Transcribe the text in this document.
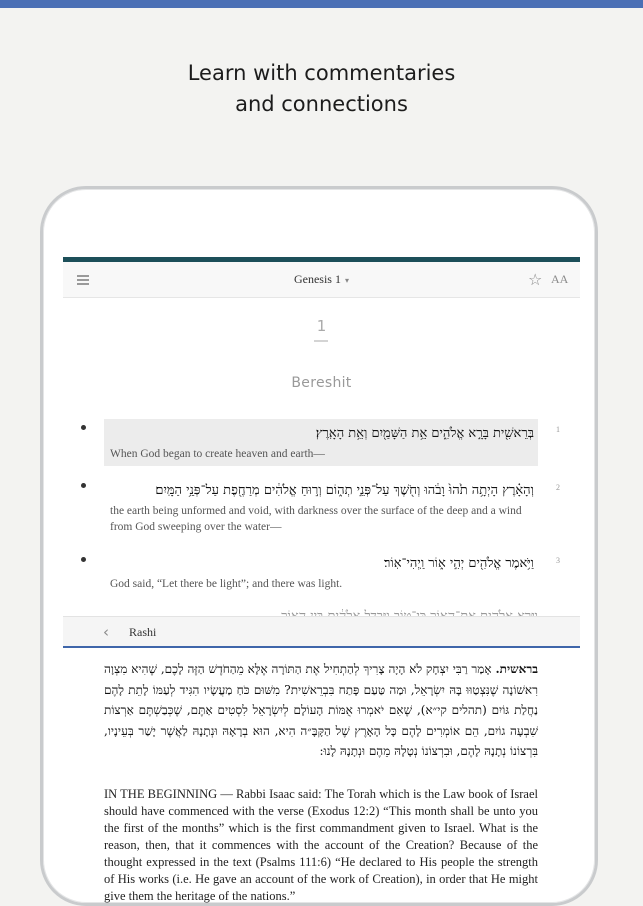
Learn with commentaries
and connections
Genesis 1 ▾	☆ AA
1
Bereshit
בְּרֵאשִׁ֖ית בָּרָ֣א אֱלֹהִ֑ים אֵ֥ת הַשָּׁמַ֖יִם וְאֵ֥ת הָאָֽרֶץ׃
When God began to create heaven and earth—
1
וְהָאָ֗רֶץ הָיְתָ֥ה תֹ֙הוּ֙ וָבֹ֔הוּ וְחֹ֖שֶׁךְ עַל־פְּנֵ֣י תְה֑וֹם וְר֣וּחַ אֱלֹהִ֔ים מְרַחֶ֖פֶת עַל־פְּנֵ֥י הַמָּֽיִם׃
the earth being unformed and void, with darkness over the surface of the deep and a wind from God sweeping over the water—
2
וַיֹּ֥אמֶר אֱלֹהִ֖ים יְהִ֣י א֑וֹר וַֽיְהִי־אֽוֹר׃
God said, “Let there be light”; and there was light.
3
‹ Rashi
בראשית. אָמַר רַבִּי יִצְחָק לֹא הָיָה צָרִיךְ לְהַתְחִיל אֶת הַתּוֹרָה אֶלָּא מֵהַחֹדֶשׁ הַזֶּה לָכֶם, שֶׁהִיא מִצְוָה רִאשׁוֹנָה שֶׁנִּצְטַוּוּ בָּהּ יִשְׂרָאֵל, וּמַה טַּעַם פָּתַח בִּבְרֵאשִׁית? מִשּׁוּם כֹּחַ מַעֲשָׂיו הִגִּיד לְעַמּוֹ לָתֵת לָהֶם נַחֲלַת גּוֹיִם (תהלים קי״א), שֶׁאִם יֹאמְרוּ אֻמּוֹת הָעוֹלָם לְיִשְׂרָאֵל לִסְטִים אַתֶּם, שֶׁכְּבַשְׁתֶּם אַרְצוֹת שִׁבְעָה גוֹיִם, הֵם אוֹמְרִים לָהֶם כָּל הָאָרֶץ שֶׁל הַקָּבָּ״ה הִיא, הוּא בְרָאָהּ וּנְתָנָהּ לַאֲשֶׁר יָשַׁר בְּעֵינָיו, בִּרְצוֹנוֹ נְתָנָהּ לָהֶם, וּבִרְצוֹנוֹ נְטָלָהּ מֵהֶם וּנְתָנָהּ לָנוּ:
IN THE BEGINNING — Rabbi Isaac said: The Torah which is the Law book of Israel should have commenced with the verse (Exodus 12:2) “This month shall be unto you the first of the months” which is the first commandment given to Israel. What is the reason, then, that it commences with the account of the Creation? Because of the thought expressed in the text (Psalms 111:6) “He declared to His people the strength of His works (i.e. He gave an account of the work of Creation), in order that He might give them the heritage of the nations.”
